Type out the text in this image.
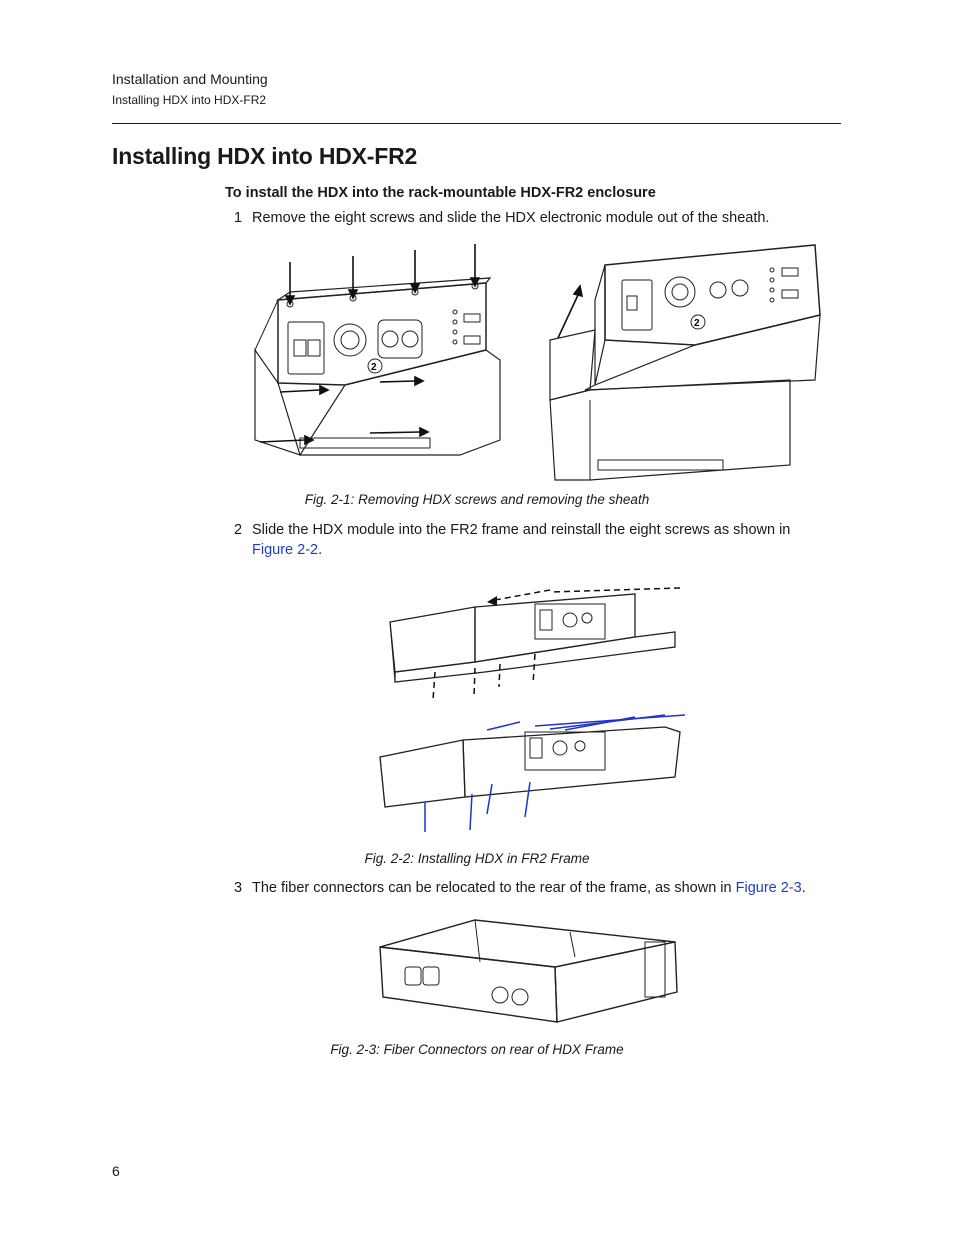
Installation and Mounting
Installing HDX into HDX-FR2
Installing HDX into HDX-FR2
To install the HDX into the rack-mountable HDX-FR2 enclosure
1 Remove the eight screws and slide the HDX electronic module out of the sheath.
2
2
Fig. 2-1: Removing HDX screws and removing the sheath
2 Slide the HDX module into the FR2 frame and reinstall the eight screws as shown in Figure 2-2.
Fig. 2-2: Installing HDX in FR2 Frame
3 The fiber connectors can be relocated to the rear of the frame, as shown in Figure 2-3.
Fig. 2-3: Fiber Connectors on rear of HDX Frame
6
